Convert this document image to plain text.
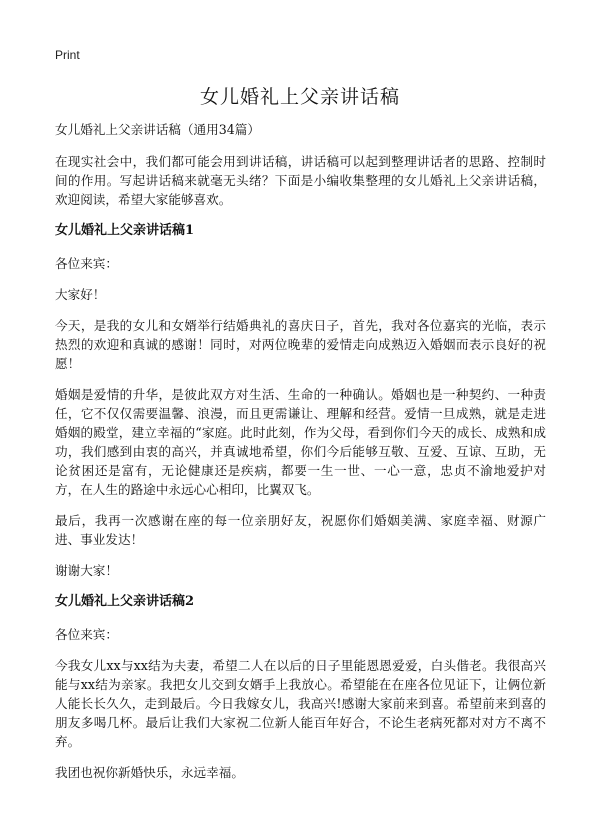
Print
女儿婚礼上父亲讲话稿

女儿婚礼上父亲讲话稿（通用34篇）

在现实社会中，我们都可能会用到讲话稿，讲话稿可以起到整理讲话者的思路、控制时间的作用。写起讲话稿来就毫无头绪？下面是小编收集整理的女儿婚礼上父亲讲话稿，欢迎阅读，希望大家能够喜欢。

女儿婚礼上父亲讲话稿1

各位来宾：

大家好！

今天，是我的女儿和女婿举行结婚典礼的喜庆日子，首先，我对各位嘉宾的光临，表示热烈的欢迎和真诚的感谢！同时，对两位晚辈的爱情走向成熟迈入婚姻而表示良好的祝愿！

婚姻是爱情的升华，是彼此双方对生活、生命的一种确认。婚姻也是一种契约、一种责任，它不仅仅需要温馨、浪漫，而且更需谦让、理解和经营。爱情一旦成熟，就是走进婚姻的殿堂，建立幸福的“家庭。此时此刻，作为父母，看到你们今天的成长、成熟和成功，我们感到由衷的高兴，并真诚地希望，你们今后能够互敬、互爱、互谅、互助，无论贫困还是富有，无论健康还是疾病，都要一生一世、一心一意，忠贞不渝地爱护对方，在人生的路途中永远心心相印，比翼双飞。

最后，我再一次感谢在座的每一位亲朋好友，祝愿你们婚姻美满、家庭幸福、财源广进、事业发达！

谢谢大家！

女儿婚礼上父亲讲话稿2

各位来宾：

今我女儿xx与xx结为夫妻，希望二人在以后的日子里能恩恩爱爱，白头偕老。我很高兴能与xx结为亲家。我把女儿交到女婿手上我放心。希望能在在座各位见证下，让俩位新人能长长久久，走到最后。今日我嫁女儿，我高兴!感谢大家前来到喜。希望前来到喜的朋友多喝几杯。最后让我们大家祝二位新人能百年好合，不论生老病死都对对方不离不弃。

我团也祝你新婚快乐，永远幸福。
